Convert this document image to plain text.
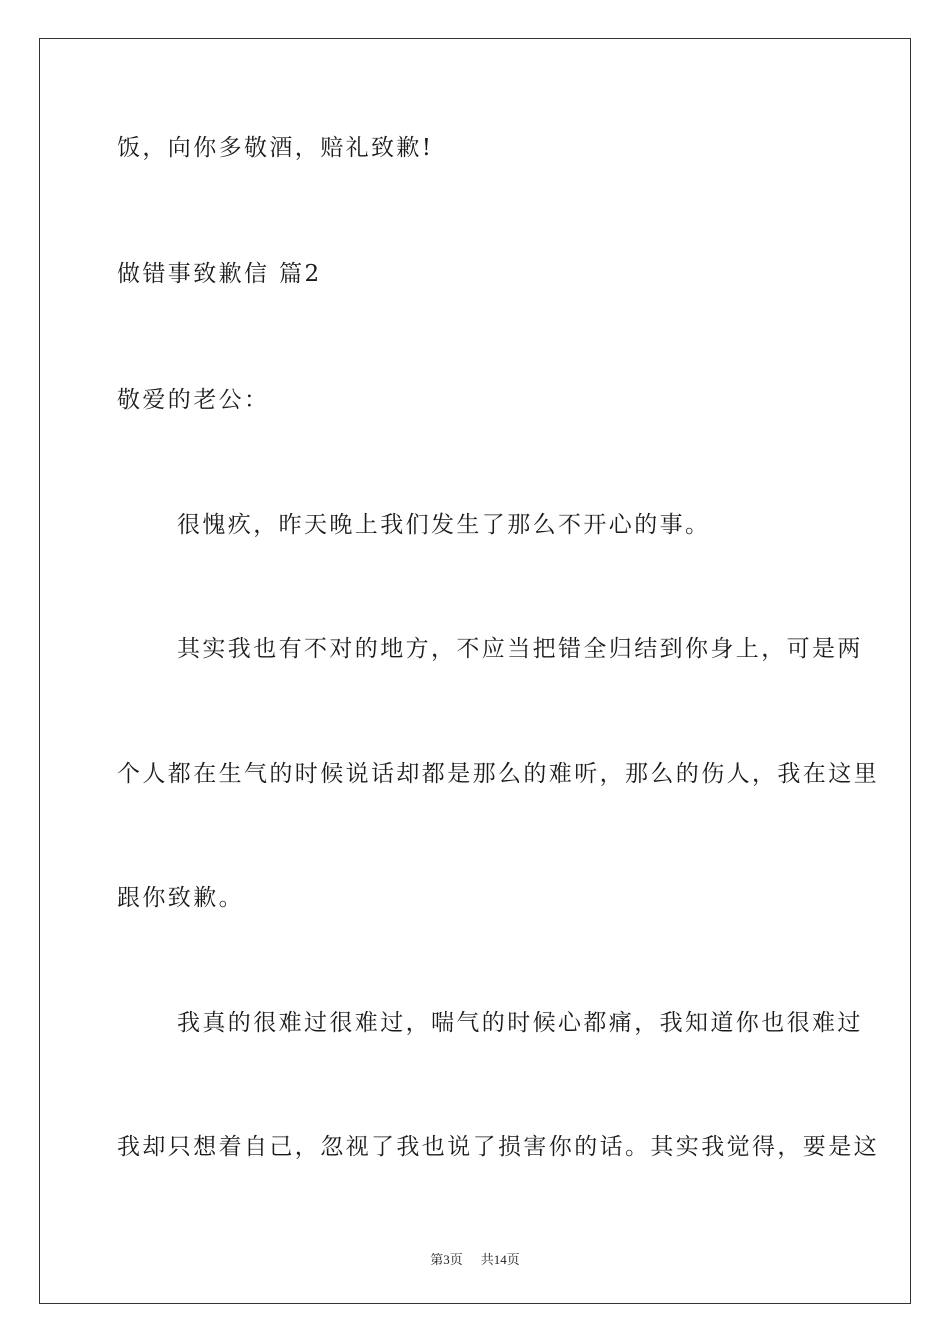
饭，向你多敬酒，赔礼致歉!
做错事致歉信 篇2
敬爱的老公：
很愧疚，昨天晚上我们发生了那么不开心的事。
其实我也有不对的地方，不应当把错全归结到你身上，可是两
个人都在生气的时候说话却都是那么的难听，那么的伤人，我在这里
跟你致歉。
我真的很难过很难过，喘气的时候心都痛，我知道你也很难过
我却只想着自己，忽视了我也说了损害你的话。其实我觉得，要是这
第3页 共14页
